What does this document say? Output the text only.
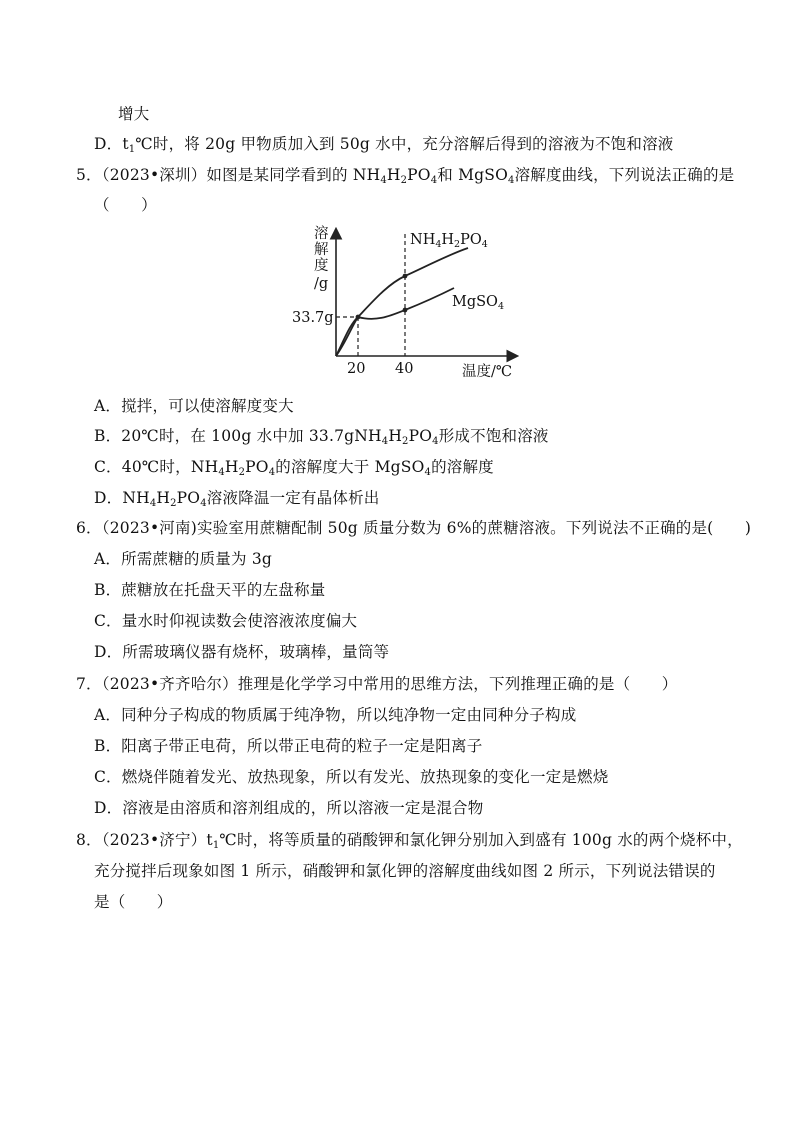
增大
D．$t_1℃$时，将 20g 甲物质加入到 50g 水中，充分溶解后得到的溶液为不饱和溶液
5．（2023•深圳）如图是某同学看到的 $NH_4H_2PO_4$和 MgSO$_4$溶解度曲线，下列说法正确的是
（　　）
溶
解
度
/g
33.7g
20 40	温度/℃
$NH_4H_2PO_4$
MgSO$_4$
A．搅拌，可以使溶解度变大
B．20℃时，在 100g 水中加 $33.7gNH_4H_2PO_4$形成不饱和溶液
C．40℃时，$NH_4H_2PO_4$的溶解度大于 MgSO$_4$的溶解度
D．$NH_4H_2PO_4$溶液降温一定有晶体析出
6．（2023•河南)实验室用蔗糖配制 50g 质量分数为 6%的蔗糖溶液。下列说法不正确的是(　　)
A．所需蔗糖的质量为 3g
B．蔗糖放在托盘天平的左盘称量
C．量水时仰视读数会使溶液浓度偏大
D．所需玻璃仪器有烧杯，玻璃棒，量筒等
7．（2023•齐齐哈尔）推理是化学学习中常用的思维方法，下列推理正确的是（　　）
A．同种分子构成的物质属于纯净物，所以纯净物一定由同种分子构成
B．阳离子带正电荷，所以带正电荷的粒子一定是阳离子
C．燃烧伴随着发光、放热现象，所以有发光、放热现象的变化一定是燃烧
D．溶液是由溶质和溶剂组成的，所以溶液一定是混合物
8．（2023•济宁）$t_1℃$时，将等质量的硝酸钾和氯化钾分别加入到盛有 100g 水的两个烧杯中，
充分搅拌后现象如图 1 所示，硝酸钾和氯化钾的溶解度曲线如图 2 所示，下列说法错误的
是（　　）
